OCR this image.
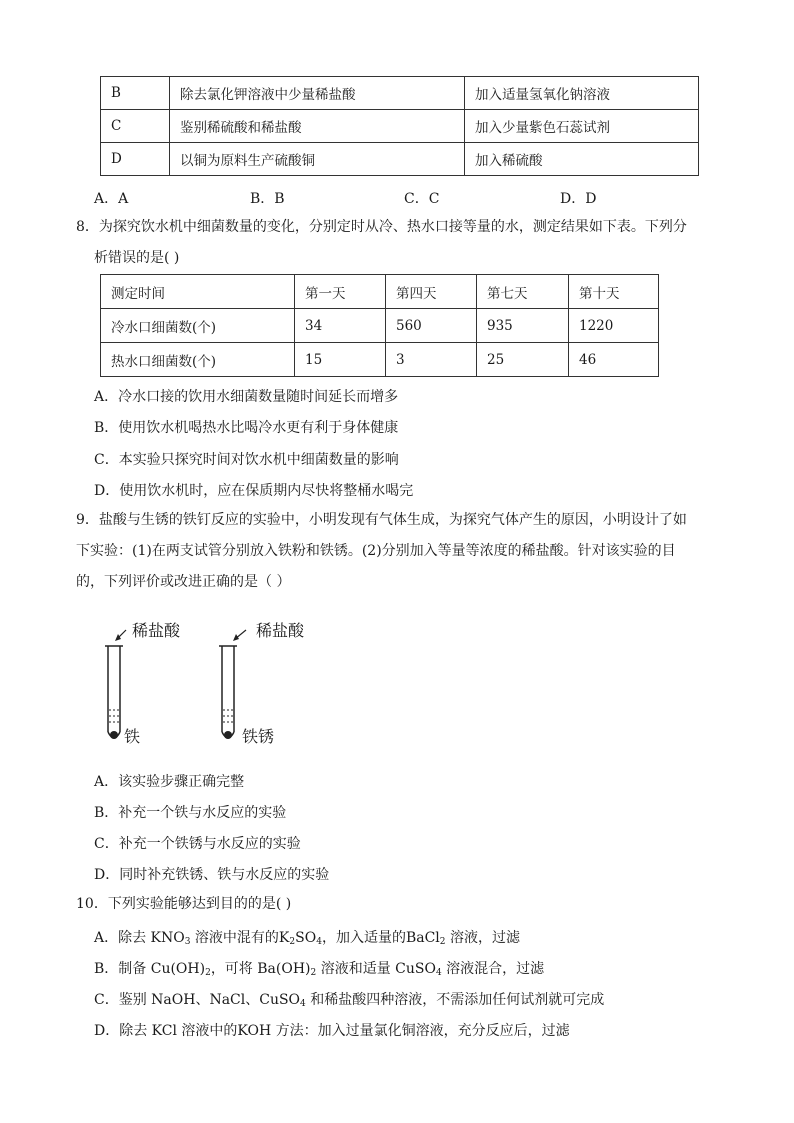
B	除去氯化钾溶液中少量稀盐酸	加入适量氢氧化钠溶液
C	鉴别稀硫酸和稀盐酸	加入少量紫色石蕊试剂
D	以铜为原料生产硫酸铜	加入稀硫酸
A．A	B．B	C．C	D．D
8．为探究饮水机中细菌数量的变化，分别定时从冷、热水口接等量的水，测定结果如下表。下列分
析错误的是( )
测定时间	第一天	第四天	第七天	第十天
冷水口细菌数(个)	34	560	935	1220
热水口细菌数(个)	15	3	25	46
A．冷水口接的饮用水细菌数量随时间延长而增多
B．使用饮水机喝热水比喝冷水更有利于身体健康
C．本实验只探究时间对饮水机中细菌数量的影响
D．使用饮水机时，应在保质期内尽快将整桶水喝完
9．盐酸与生锈的铁钉反应的实验中，小明发现有气体生成，为探究气体产生的原因，小明设计了如
下实验：(1)在两支试管分别放入铁粉和铁锈。(2)分别加入等量等浓度的稀盐酸。针对该实验的目
的，下列评价或改进正确的是（ ）
稀盐酸	稀盐酸
铁	铁锈
A．该实验步骤正确完整
B．补充一个铁与水反应的实验
C．补充一个铁锈与水反应的实验
D．同时补充铁锈、铁与水反应的实验
10．下列实验能够达到目的的是( )
A．除去 $KNO_3$ 溶液中混有的$K_2SO_4$，加入适量的BaCl$_2$ 溶液，过滤
B．制备 $Cu(OH)_2$，可将 $Ba(OH)_2$ 溶液和适量 CuSO$_4$ 溶液混合，过滤
C．鉴别 NaOH、NaCl、CuSO$_4$ 和稀盐酸四种溶液，不需添加任何试剂就可完成
D．除去 KCl 溶液中的KOH 方法：加入过量氯化铜溶液，充分反应后，过滤
